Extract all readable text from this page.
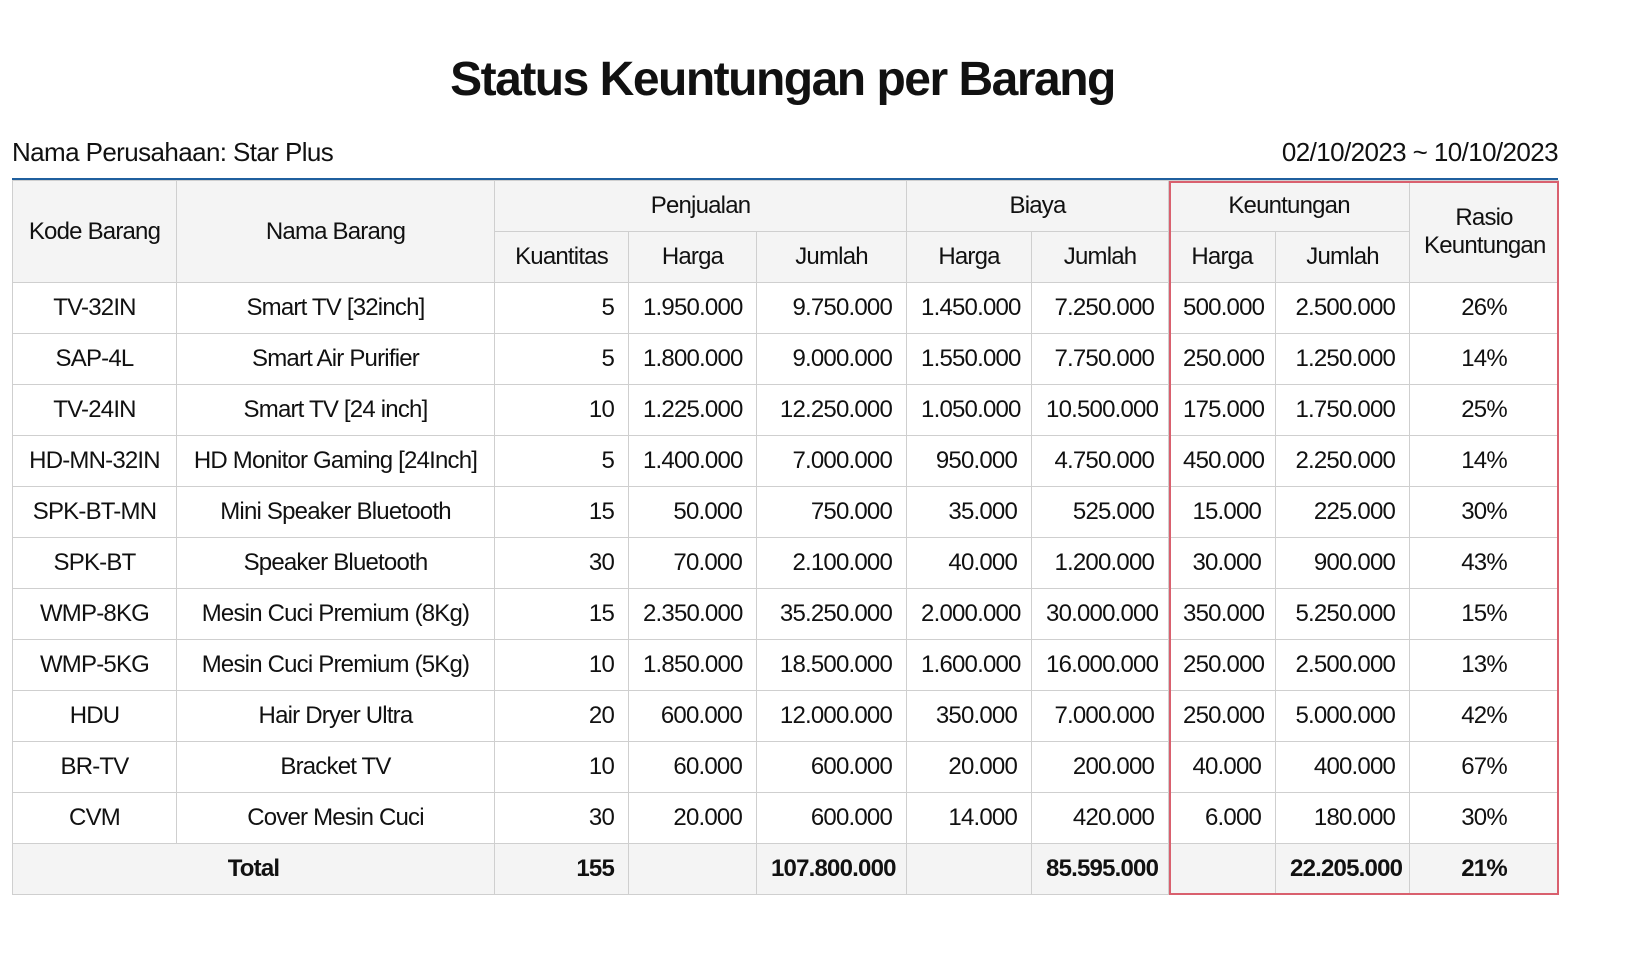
Status Keuntungan per Barang
Nama Perusahaan: Star Plus	02/10/2023 ~ 10/10/2023
Kode Barang	Nama Barang	Penjualan			Biaya		Keuntungan		Rasio Keuntungan
		Kuantitas	Harga	Jumlah	Harga	Jumlah	Harga	Jumlah	
TV-32IN	Smart TV [32inch]	5	1.950.000	9.750.000	1.450.000	7.250.000	500.000	2.500.000	26%
SAP-4L	Smart Air Purifier	5	1.800.000	9.000.000	1.550.000	7.750.000	250.000	1.250.000	14%
TV-24IN	Smart TV [24 inch]	10	1.225.000	12.250.000	1.050.000	10.500.000	175.000	1.750.000	25%
HD-MN-32IN	HD Monitor Gaming [24Inch]	5	1.400.000	7.000.000	950.000	4.750.000	450.000	2.250.000	14%
SPK-BT-MN	Mini Speaker Bluetooth	15	50.000	750.000	35.000	525.000	15.000	225.000	30%
SPK-BT	Speaker Bluetooth	30	70.000	2.100.000	40.000	1.200.000	30.000	900.000	43%
WMP-8KG	Mesin Cuci Premium (8Kg)	15	2.350.000	35.250.000	2.000.000	30.000.000	350.000	5.250.000	15%
WMP-5KG	Mesin Cuci Premium (5Kg)	10	1.850.000	18.500.000	1.600.000	16.000.000	250.000	2.500.000	13%
HDU	Hair Dryer Ultra	20	600.000	12.000.000	350.000	7.000.000	250.000	5.000.000	42%
BR-TV	Bracket TV	10	60.000	600.000	20.000	200.000	40.000	400.000	67%
CVM	Cover Mesin Cuci	30	20.000	600.000	14.000	420.000	6.000	180.000	30%
Total		155		107.800.000		85.595.000		22.205.000	21%
